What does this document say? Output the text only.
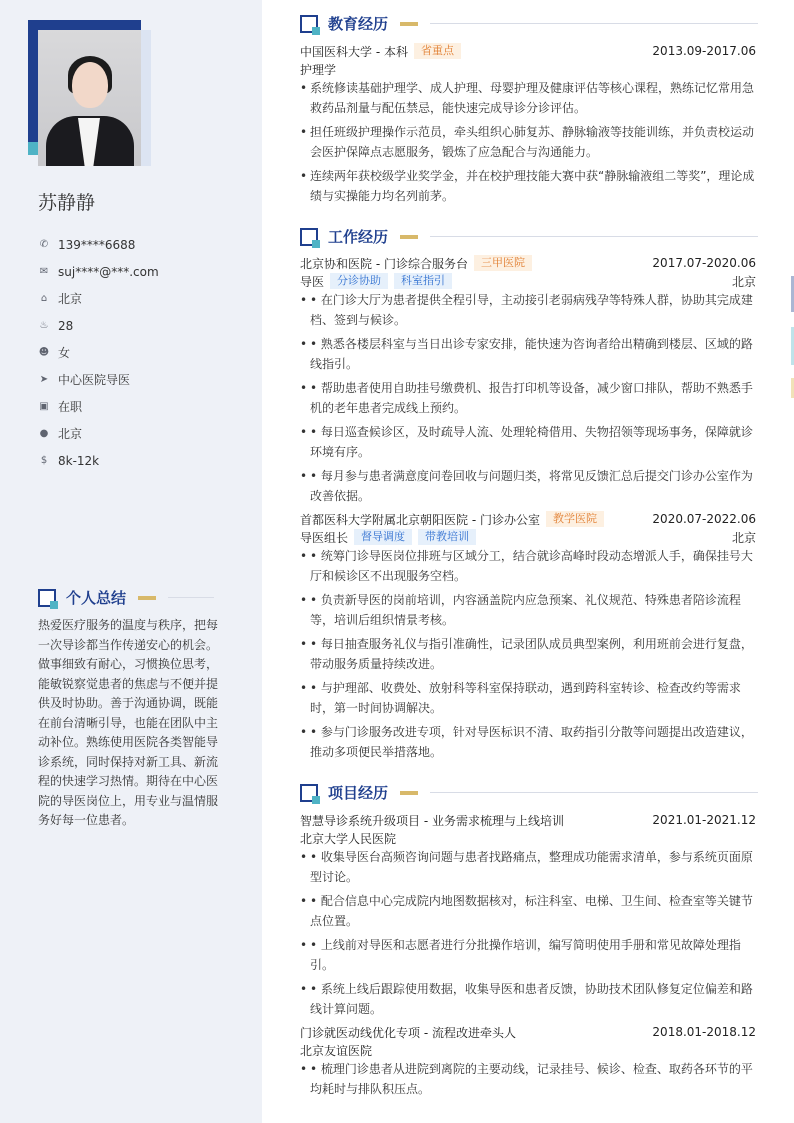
苏静静
✆ 139****6688
✉ suj****@***.com
⌂ 北京
♨ 28
☻ 女
➤ 中心医院导医
▣ 在职
● 北京
$ 8k-12k
个人总结
热爱医疗服务的温度与秩序，把每一次导诊都当作传递安心的机会。做事细致有耐心，习惯换位思考，能敏锐察觉患者的焦虑与不便并提供及时协助。善于沟通协调，既能在前台清晰引导，也能在团队中主动补位。熟练使用医院各类智能导诊系统，同时保持对新工具、新流程的快速学习热情。期待在中心医院的导医岗位上，用专业与温情服务好每一位患者。
教育经历
中国医科大学 - 本科	省重点	2013.09-2017.06
护理学
• 系统修读基础护理学、成人护理、母婴护理及健康评估等核心课程，熟练记忆常用急救药品剂量与配伍禁忌，能快速完成导诊分诊评估。
• 担任班级护理操作示范员，牵头组织心肺复苏、静脉输液等技能训练，并负责校运动会医护保障点志愿服务，锻炼了应急配合与沟通能力。
• 连续两年获校级学业奖学金，并在校护理技能大赛中获“静脉输液组二等奖”，理论成绩与实操能力均名列前茅。
工作经历
北京协和医院 - 门诊综合服务台	三甲医院	2017.07-2020.06
导医	分诊协助	科室指引	北京
• • 在门诊大厅为患者提供全程引导，主动接引老弱病残孕等特殊人群，协助其完成建档、签到与候诊。
• • 熟悉各楼层科室与当日出诊专家安排，能快速为咨询者给出精确到楼层、区域的路线指引。
• • 帮助患者使用自助挂号缴费机、报告打印机等设备，减少窗口排队，帮助不熟悉手机的老年患者完成线上预约。
• • 每日巡查候诊区，及时疏导人流、处理轮椅借用、失物招领等现场事务，保障就诊环境有序。
• • 每月参与患者满意度问卷回收与问题归类，将常见反馈汇总后提交门诊办公室作为改善依据。
首都医科大学附属北京朝阳医院 - 门诊办公室	教学医院	2020.07-2022.06
导医组长	督导调度	带教培训	北京
• • 统筹门诊导医岗位排班与区域分工，结合就诊高峰时段动态增派人手，确保挂号大厅和候诊区不出现服务空档。
• • 负责新导医的岗前培训，内容涵盖院内应急预案、礼仪规范、特殊患者陪诊流程等，培训后组织情景考核。
• • 每日抽查服务礼仪与指引准确性，记录团队成员典型案例，利用班前会进行复盘，带动服务质量持续改进。
• • 与护理部、收费处、放射科等科室保持联动，遇到跨科室转诊、检查改约等需求时，第一时间协调解决。
• • 参与门诊服务改进专项，针对导医标识不清、取药指引分散等问题提出改造建议，推动多项便民举措落地。
项目经历
智慧导诊系统升级项目 - 业务需求梳理与上线培训	2021.01-2021.12
北京大学人民医院
• • 收集导医台高频咨询问题与患者找路痛点，整理成功能需求清单，参与系统页面原型讨论。
• • 配合信息中心完成院内地图数据核对，标注科室、电梯、卫生间、检查室等关键节点位置。
• • 上线前对导医和志愿者进行分批操作培训，编写简明使用手册和常见故障处理指引。
• • 系统上线后跟踪使用数据，收集导医和患者反馈，协助技术团队修复定位偏差和路线计算问题。
门诊就医动线优化专项 - 流程改进牵头人	2018.01-2018.12
北京友谊医院
• • 梳理门诊患者从进院到离院的主要动线，记录挂号、候诊、检查、取药各环节的平均耗时与排队积压点。
